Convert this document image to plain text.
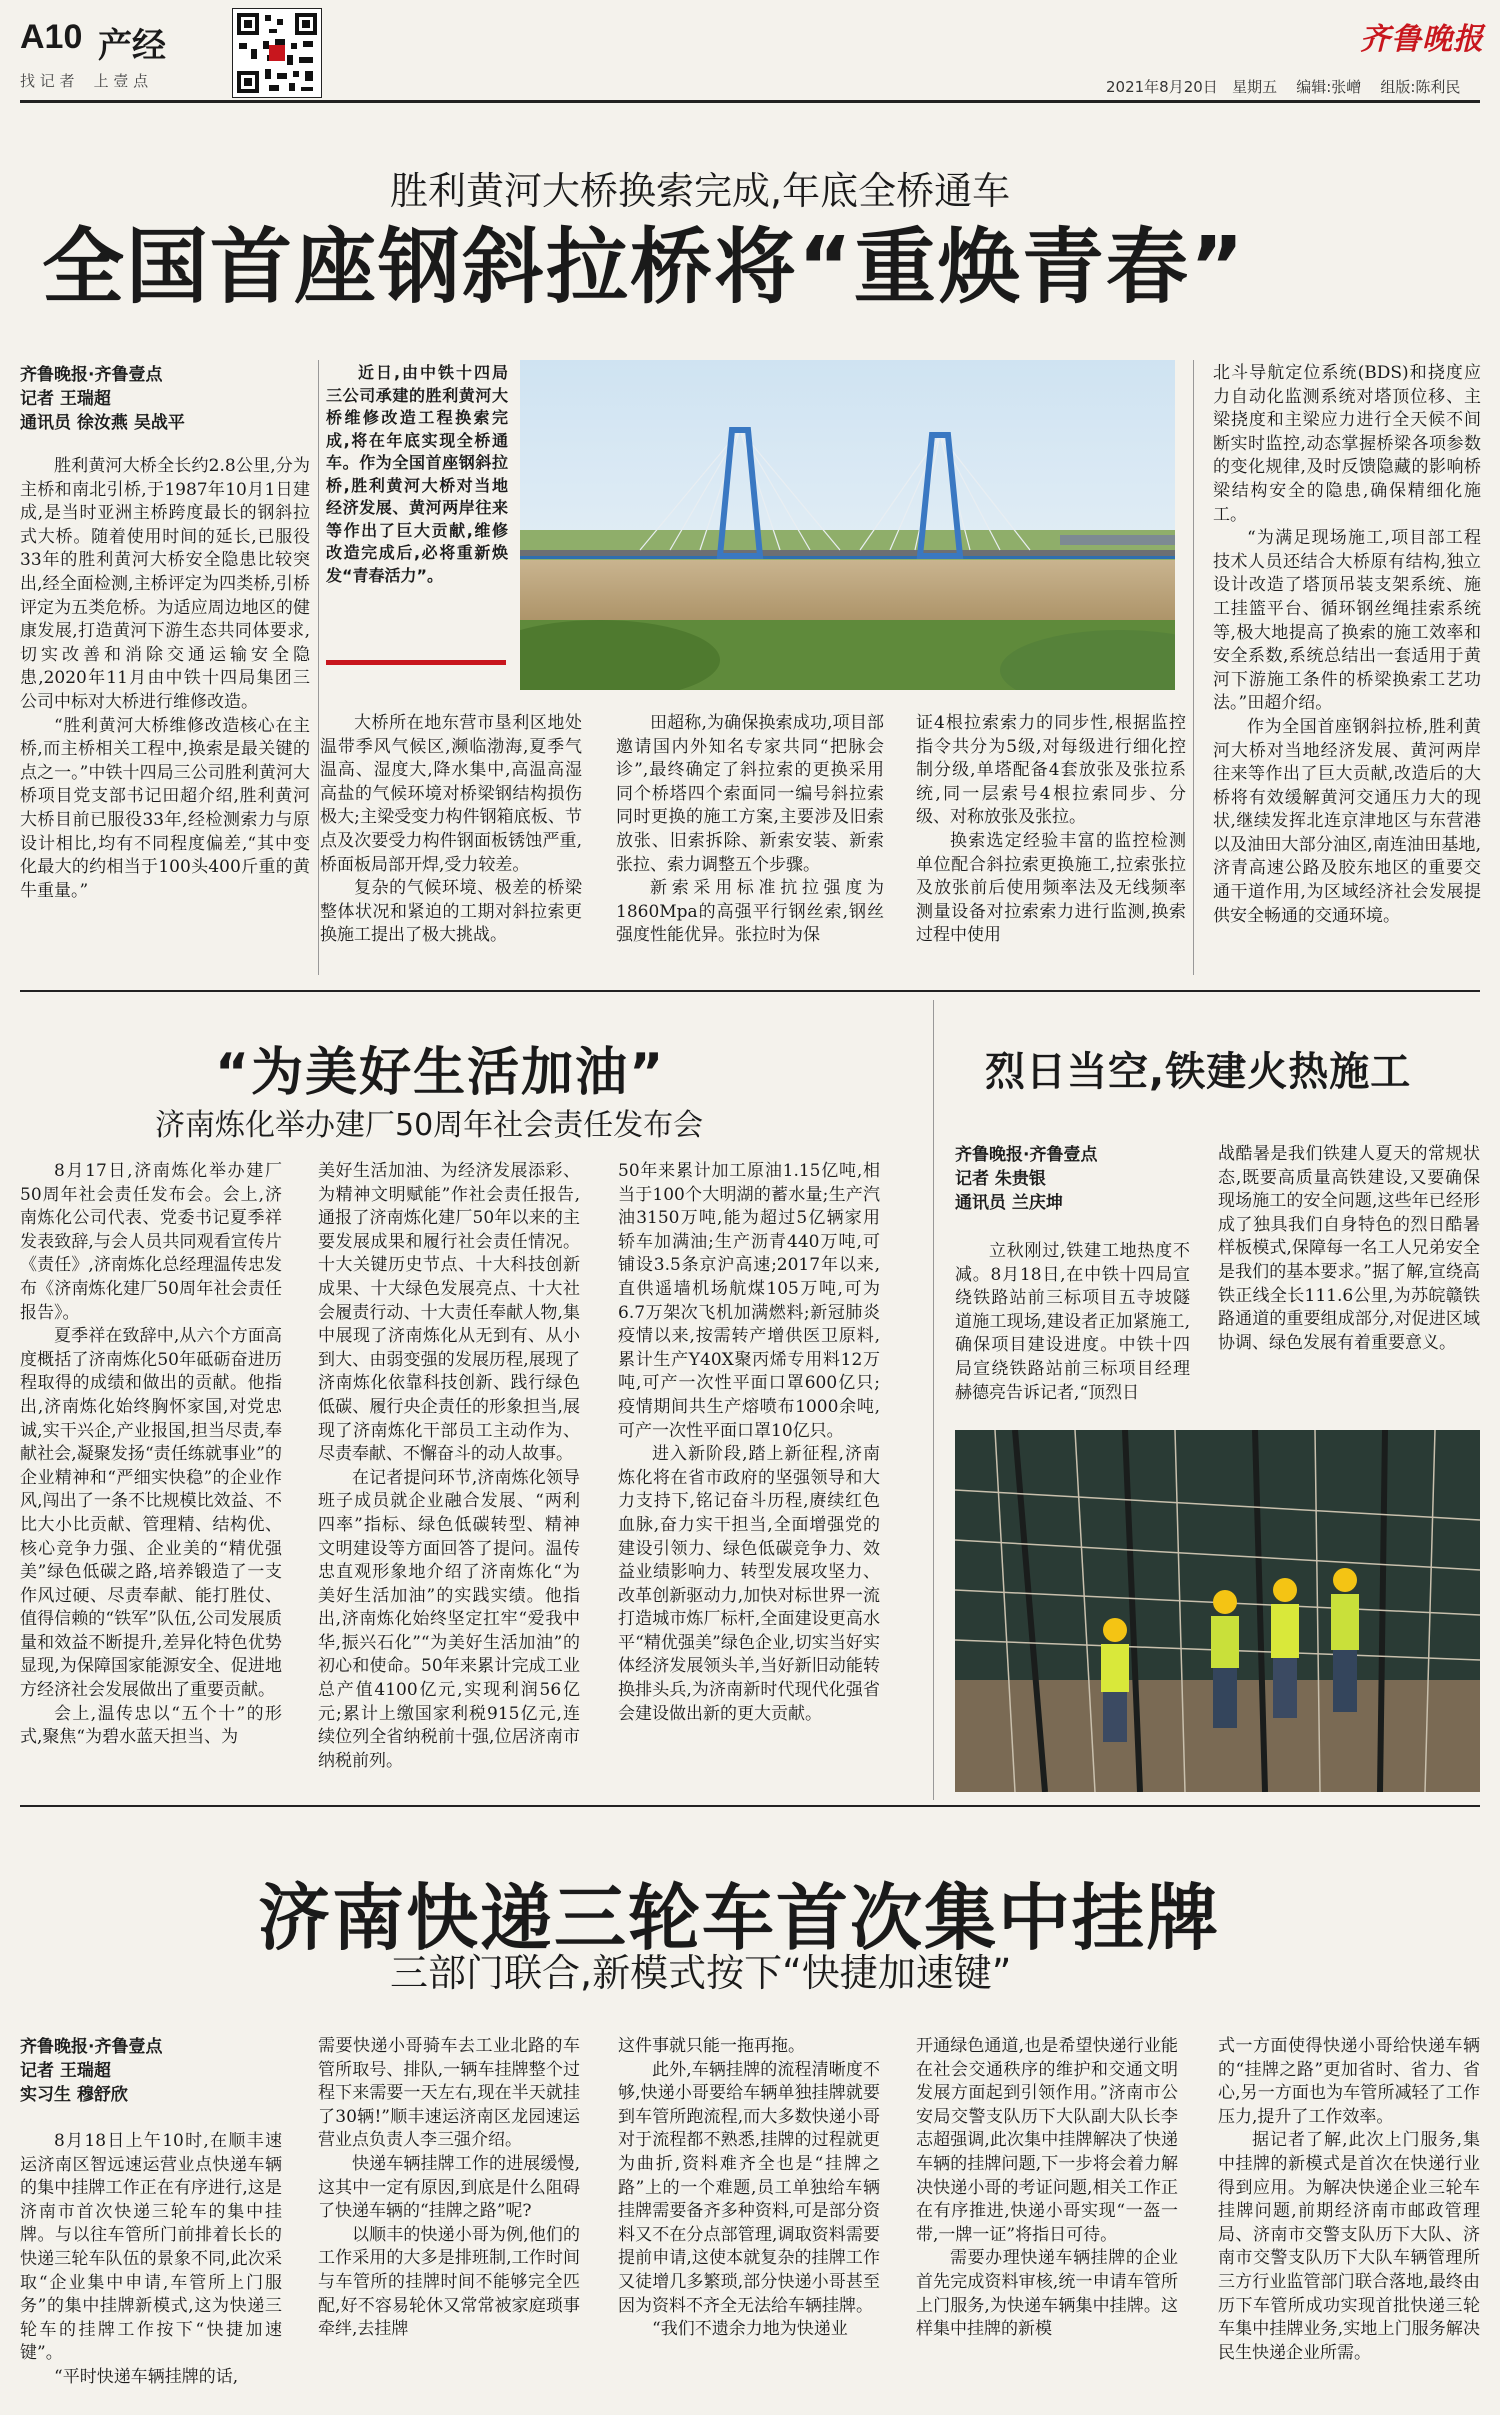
A10 产经
找 记 者    上 壹 点
齐鲁晚报
2021年8月20日 星期五 编辑:张嶒 组版:陈利民
胜利黄河大桥换索完成,年底全桥通车
全国首座钢斜拉桥将“重焕青春”
齐鲁晚报·齐鲁壹点
记者 王瑞超
通讯员 徐汝燕 吴战平

胜利黄河大桥全长约2.8公里,分为主桥和南北引桥,于1987年10月1日建成,是当时亚洲主桥跨度最长的钢斜拉式大桥。随着使用时间的延长,已服役33年的胜利黄河大桥安全隐患比较突出,经全面检测,主桥评定为四类桥,引桥评定为五类危桥。为适应周边地区的健康发展,打造黄河下游生态共同体要求,切实改善和消除交通运输安全隐患,2020年11月由中铁十四局集团三公司中标对大桥进行维修改造。

“胜利黄河大桥维修改造核心在主桥,而主桥相关工程中,换索是最关键的点之一。”中铁十四局三公司胜利黄河大桥项目党支部书记田超介绍,胜利黄河大桥目前已服役33年,经检测索力与原设计相比,均有不同程度偏差,“其中变化最大的约相当于100头400斤重的黄牛重量。”

近日,由中铁十四局三公司承建的胜利黄河大桥维修改造工程换索完成,将在年底实现全桥通车。作为全国首座钢斜拉桥,胜利黄河大桥对当地经济发展、黄河两岸往来等作出了巨大贡献,维修改造完成后,必将重新焕发“青春活力”。

大桥所在地东营市垦利区地处温带季风气候区,濒临渤海,夏季气温高、湿度大,降水集中,高温高湿高盐的气候环境对桥梁钢结构损伤极大;主梁受变力构件钢箱底板、节点及次要受力构件钢面板锈蚀严重,桥面板局部开焊,受力较差。

复杂的气候环境、极差的桥梁整体状况和紧迫的工期对斜拉索更换施工提出了极大挑战。

田超称,为确保换索成功,项目部邀请国内外知名专家共同“把脉会诊”,最终确定了斜拉索的更换采用同个桥塔四个索面同一编号斜拉索同时更换的施工方案,主要涉及旧索放张、旧索拆除、新索安装、新索张拉、索力调整五个步骤。

新索采用标准抗拉强度为1860Mpa的高强平行钢丝索,钢丝强度性能优异。张拉时为保

证4根拉索索力的同步性,根据监控指令共分为5级,对每级进行细化控制分级,单塔配备4套放张及张拉系统,同一层索号4根拉索同步、分级、对称放张及张拉。

换索选定经验丰富的监控检测单位配合斜拉索更换施工,拉索张拉及放张前后使用频率法及无线频率测量设备对拉索索力进行监测,换索过程中使用

北斗导航定位系统(BDS)和挠度应力自动化监测系统对塔顶位移、主梁挠度和主梁应力进行全天候不间断实时监控,动态掌握桥梁各项参数的变化规律,及时反馈隐藏的影响桥梁结构安全的隐患,确保精细化施工。

“为满足现场施工,项目部工程技术人员还结合大桥原有结构,独立设计改造了塔顶吊装支架系统、施工挂篮平台、循环钢丝绳挂索系统等,极大地提高了换索的施工效率和安全系数,系统总结出一套适用于黄河下游施工条件的桥梁换索工艺功法。”田超介绍。

作为全国首座钢斜拉桥,胜利黄河大桥对当地经济发展、黄河两岸往来等作出了巨大贡献,改造后的大桥将有效缓解黄河交通压力大的现状,继续发挥北连京津地区与东营港以及油田大部分油区,南连油田基地,济青高速公路及胶东地区的重要交通干道作用,为区域经济社会发展提供安全畅通的交通环境。

“为美好生活加油”
济南炼化举办建厂50周年社会责任发布会

8月17日,济南炼化举办建厂50周年社会责任发布会。会上,济南炼化公司代表、党委书记夏季祥发表致辞,与会人员共同观看宣传片《责任》,济南炼化总经理温传忠发布《济南炼化建厂50周年社会责任报告》。

夏季祥在致辞中,从六个方面高度概括了济南炼化50年砥砺奋进历程取得的成绩和做出的贡献。他指出,济南炼化始终胸怀家国,对党忠诚,实干兴企,产业报国,担当尽责,奉献社会,凝聚发扬“责任练就事业”的企业精神和“严细实快稳”的企业作风,闯出了一条不比规模比效益、不比大小比贡献、管理精、结构优、核心竞争力强、企业美的“精优强美”绿色低碳之路,培养锻造了一支作风过硬、尽责奉献、能打胜仗、值得信赖的“铁军”队伍,公司发展质量和效益不断提升,差异化特色优势显现,为保障国家能源安全、促进地方经济社会发展做出了重要贡献。

会上,温传忠以“五个十”的形式,聚焦“为碧水蓝天担当、为

美好生活加油、为经济发展添彩、为精神文明赋能”作社会责任报告,通报了济南炼化建厂50年以来的主要发展成果和履行社会责任情况。十大关键历史节点、十大科技创新成果、十大绿色发展亮点、十大社会履责行动、十大责任奉献人物,集中展现了济南炼化从无到有、从小到大、由弱变强的发展历程,展现了济南炼化依靠科技创新、践行绿色低碳、履行央企责任的形象担当,展现了济南炼化干部员工主动作为、尽责奉献、不懈奋斗的动人故事。

在记者提问环节,济南炼化领导班子成员就企业融合发展、“两利四率”指标、绿色低碳转型、精神文明建设等方面回答了提问。温传忠直观形象地介绍了济南炼化“为美好生活加油”的实践实绩。他指出,济南炼化始终坚定扛牢“爱我中华,振兴石化”“为美好生活加油”的初心和使命。50年来累计完成工业总产值4100亿元,实现利润56亿元;累计上缴国家利税915亿元,连续位列全省纳税前十强,位居济南市纳税前列。

50年来累计加工原油1.15亿吨,相当于100个大明湖的蓄水量;生产汽油3150万吨,能为超过5亿辆家用轿车加满油;生产沥青440万吨,可铺设3.5条京沪高速;2017年以来,直供遥墙机场航煤105万吨,可为6.7万架次飞机加满燃料;新冠肺炎疫情以来,按需转产增供医卫原料,累计生产Y40X聚丙烯专用料12万吨,可产一次性平面口罩600亿只;疫情期间共生产熔喷布1000余吨,可产一次性平面口罩10亿只。

进入新阶段,踏上新征程,济南炼化将在省市政府的坚强领导和大力支持下,铭记奋斗历程,赓续红色血脉,奋力实干担当,全面增强党的建设引领力、绿色低碳竞争力、效益业绩影响力、转型发展攻坚力、改革创新驱动力,加快对标世界一流打造城市炼厂标杆,全面建设更高水平“精优强美”绿色企业,切实当好实体经济发展领头羊,当好新旧动能转换排头兵,为济南新时代现代化强省会建设做出新的更大贡献。

烈日当空,铁建火热施工
齐鲁晚报·齐鲁壹点
记者 朱贵银
通讯员 兰庆坤

立秋刚过,铁建工地热度不减。8月18日,在中铁十四局宣绕铁路站前三标项目五寺坡隧道施工现场,建设者正加紧施工,确保项目建设进度。中铁十四局宣绕铁路站前三标项目经理赫德亮告诉记者,“顶烈日

战酷暑是我们铁建人夏天的常规状态,既要高质量高铁建设,又要确保现场施工的安全问题,这些年已经形成了独具我们自身特色的烈日酷暑样板模式,保障每一名工人兄弟安全是我们的基本要求。”据了解,宣绕高铁正线全长111.6公里,为苏皖赣铁路通道的重要组成部分,对促进区域协调、绿色发展有着重要意义。

济南快递三轮车首次集中挂牌
三部门联合,新模式按下“快捷加速键”
齐鲁晚报·齐鲁壹点
记者 王瑞超
实习生 穆舒欣

8月18日上午10时,在顺丰速运济南区智远速运营业点快递车辆的集中挂牌工作正在有序进行,这是济南市首次快递三轮车的集中挂牌。与以往车管所门前排着长长的快递三轮车队伍的景象不同,此次采取“企业集中申请,车管所上门服务”的集中挂牌新模式,这为快递三轮车的挂牌工作按下“快捷加速键”。

“平时快递车辆挂牌的话,

需要快递小哥骑车去工业北路的车管所取号、排队,一辆车挂牌整个过程下来需要一天左右,现在半天就挂了30辆!”顺丰速运济南区龙园速运营业点负责人李三强介绍。

快递车辆挂牌工作的进展缓慢,这其中一定有原因,到底是什么阻碍了快递车辆的“挂牌之路”呢?

以顺丰的快递小哥为例,他们的工作采用的大多是排班制,工作时间与车管所的挂牌时间不能够完全匹配,好不容易轮休又常常被家庭琐事牵绊,去挂牌

这件事就只能一拖再拖。

此外,车辆挂牌的流程清晰度不够,快递小哥要给车辆单独挂牌就要到车管所跑流程,而大多数快递小哥对于流程都不熟悉,挂牌的过程就更为曲折,资料难齐全也是“挂牌之路”上的一个难题,员工单独给车辆挂牌需要备齐多种资料,可是部分资料又不在分点部管理,调取资料需要提前申请,这使本就复杂的挂牌工作又徒增几多繁琐,部分快递小哥甚至因为资料不齐全无法给车辆挂牌。

“我们不遗余力地为快递业

开通绿色通道,也是希望快递行业能在社会交通秩序的维护和交通文明发展方面起到引领作用。”济南市公安局交警支队历下大队副大队长李志超强调,此次集中挂牌解决了快递车辆的挂牌问题,下一步将会着力解决快递小哥的考证问题,相关工作正在有序推进,快递小哥实现“一盔一带,一牌一证”将指日可待。

需要办理快递车辆挂牌的企业首先完成资料审核,统一申请车管所上门服务,为快递车辆集中挂牌。这样集中挂牌的新模

式一方面使得快递小哥给快递车辆的“挂牌之路”更加省时、省力、省心,另一方面也为车管所减轻了工作压力,提升了工作效率。

据记者了解,此次上门服务,集中挂牌的新模式是首次在快递行业得到应用。为解决快递企业三轮车挂牌问题,前期经济南市邮政管理局、济南市交警支队历下大队、济南市交警支队历下大队车辆管理所三方行业监管部门联合落地,最终由历下车管所成功实现首批快递三轮车集中挂牌业务,实地上门服务解决民生快递企业所需。
